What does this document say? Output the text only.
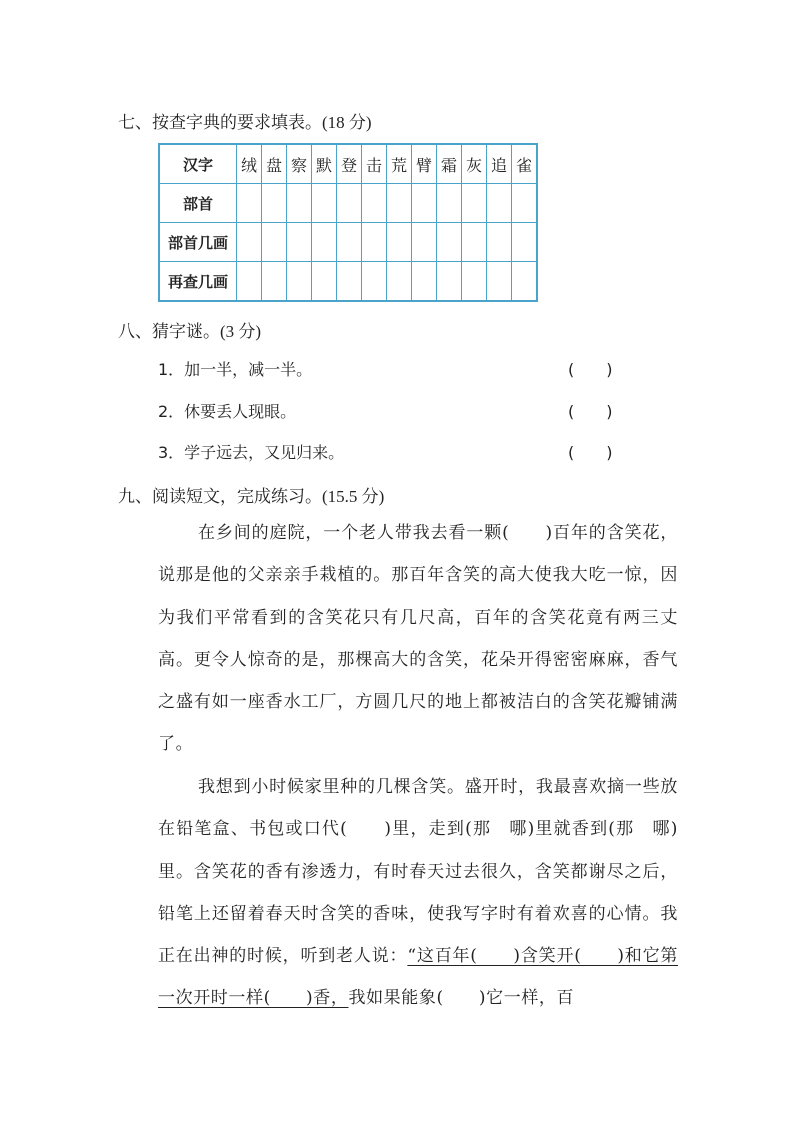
七、按查字典的要求填表。(18 分)
汉字	绒	盘	察	默	登	击	荒	臂	霜	灰	追	雀
部首												
部首几画												
再查几画												
八、猜字谜。(3 分)
1．加一半，减一半。	(　　)
2．休要丢人现眼。	(　　)
3．学子远去，又见归来。	(　　)
九、阅读短文，完成练习。(15.5 分)

在乡间的庭院，一个老人带我去看一颗(　　)百年的含笑花，说那是他的父亲亲手栽植的。那百年含笑的高大使我大吃一惊，因为我们平常看到的含笑花只有几尺高，百年的含笑花竟有两三丈高。更令人惊奇的是，那棵高大的含笑，花朵开得密密麻麻，香气之盛有如一座香水工厂，方圆几尺的地上都被洁白的含笑花瓣铺满了。

我想到小时候家里种的几棵含笑。盛开时，我最喜欢摘一些放在铅笔盒、书包或口代(　　)里，走到(那　哪)里就香到(那　哪)里。含笑花的香有渗透力，有时春天过去很久，含笑都谢尽之后，铅笔上还留着春天时含笑的香味，使我写字时有着欢喜的心情。我正在出神的时候，听到老人说：“这百年(　　)含笑开(　　)和它第一次开时一样(　　)香，我如果能象(　　)它一样，百
